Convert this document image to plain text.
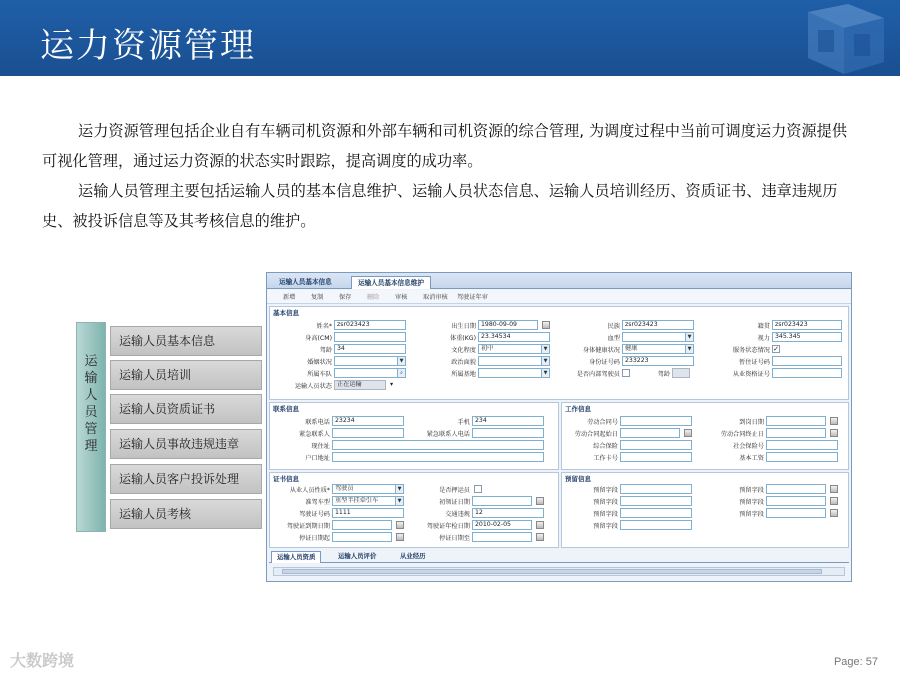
运力资源管理
运力资源管理包括企业自有车辆司机资源和外部车辆和司机资源的综合管理, 为调度过程中当前可调度运力资源提供可视化管理，通过运力资源的状态实时跟踪，提高调度的成功率。
运输人员管理主要包括运输人员的基本信息维护、运输人员状态信息、运输人员培训经历、资质证书、违章违规历史、被投诉信息等及其考核信息的维护。
运
输
人
员
管
理
运输人员基本信息
运输人员培训
运输人员资质证书
运输人员事故违规违章
运输人员客户投诉处理
运输人员考核
运输人员基本信息	运输人员基本信息维护
新增	复制	保存	删除	审核	取消审核 驾驶证年审
基本信息
姓名* zsr023423	出生日期 1980-09-09	民族 zsr023423	籍贯 zsr023423
身高(CM)	体重(KG) 23.34534	血型	▼	视力 345.345
驾龄 34	文化程度 初中	▼	身体健康状况 健康	▼	服务状态情况 ✓
婚姻状况	▼	政治面貌	▼	身份证号码 233223	暂住证号码
所属车队	⌕	所属基地	▼	是否内部驾驶员	驾龄	从业资格证号
运输人员状态 正在运输	▾
联系信息
联系电话 23234	手机 234
紧急联系人	紧急联系人电话
现住址
户口地址
工作信息
劳动合同号	到岗日期
劳动合同起始日	劳动合同终止日
综合保险	社会保险号
工作卡号	基本工资
证书信息
从业人员性质* 驾驶员	▼	是否押运员
准驾车型 重型半挂牵引车	▼	初领证日期
驾驶证号码 1111	交通违规 12
驾驶证到期日期	驾驶证年检日期 2010-02-05
停证日期起	停证日期至
预留信息
预留字段	预留字段
预留字段	预留字段
预留字段	预留字段
预留字段
运输人员资质	运输人员评价	从业经历
大数跨境	Page: 57
